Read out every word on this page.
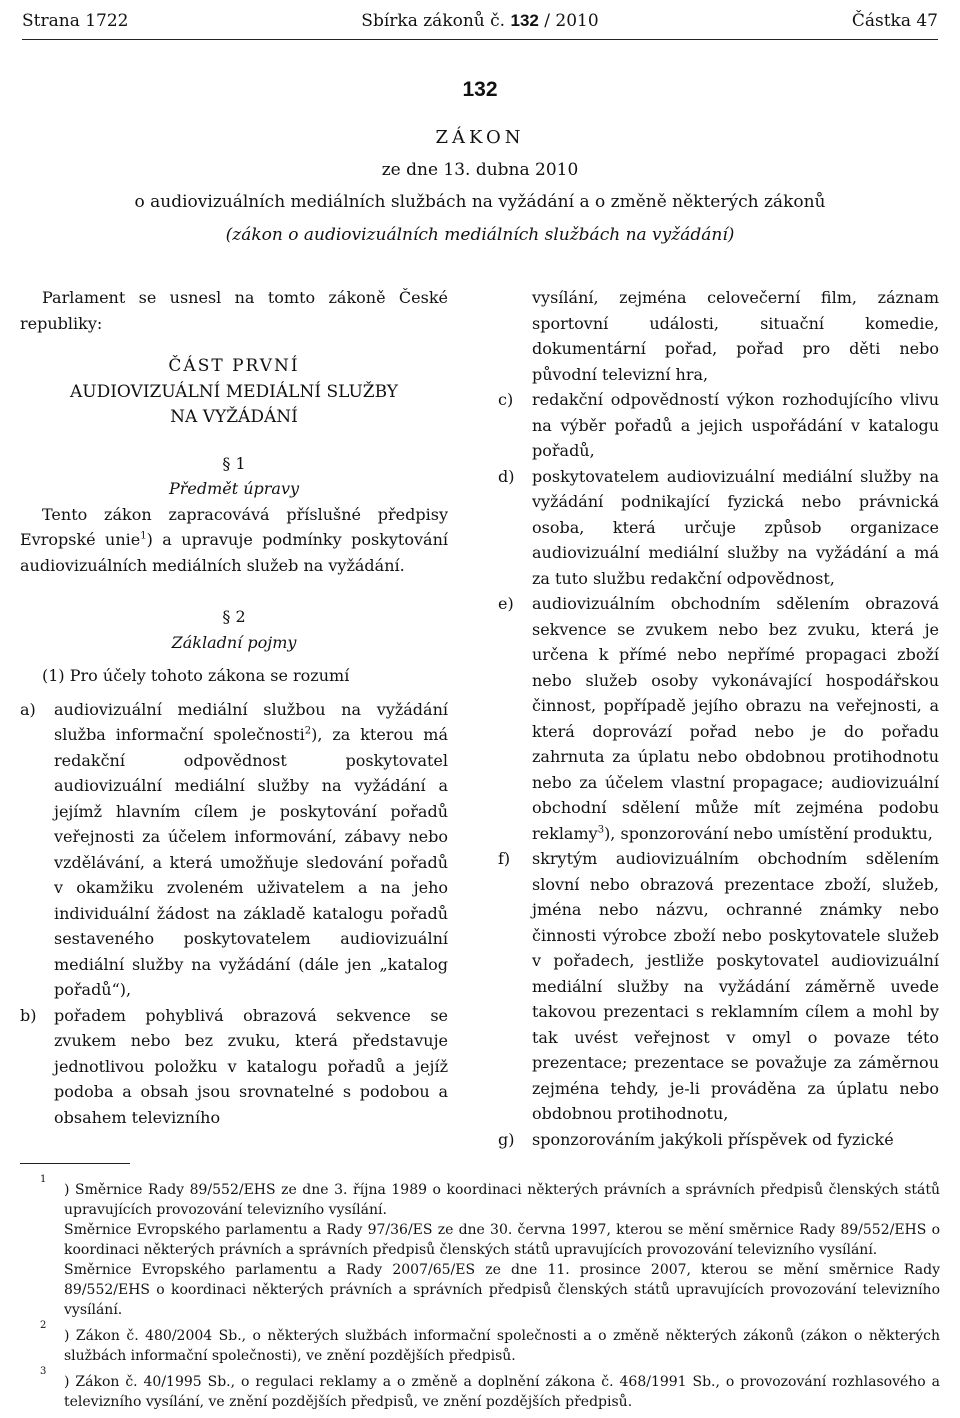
Strana 1722	Sbírka zákonů č. 132 / 2010	Částka 47
132
ZÁKON
ze dne 13. dubna 2010
o audiovizuálních mediálních službách na vyžádání a o změně některých zákonů
(zákon o audiovizuálních mediálních službách na vyžádání)
Parlament se usnesl na tomto zákoně České republiky:
ČÁST PRVNÍ
AUDIOVIZUÁLNÍ MEDIÁLNÍ SLUŽBY
NA VYŽÁDÁNÍ
§ 1
Předmět úpravy
Tento zákon zapracovává příslušné předpisy Evropské unie$^1$) a upravuje podmínky poskytování audiovizuálních mediálních služeb na vyžádání.
§ 2
Základní pojmy
(1) Pro účely tohoto zákona se rozumí
a)	audiovizuální mediální službou na vyžádání služba informační společnosti$^2$), za kterou má redakční odpovědnost poskytovatel audiovizuální mediální služby na vyžádání a jejímž hlavním cílem je poskytování pořadů veřejnosti za účelem informování, zábavy nebo vzdělávání, a která umožňuje sledování pořadů v okamžiku zvoleném uživatelem a na jeho individuální žádost na základě katalogu pořadů sestaveného poskytovatelem audiovizuální mediální služby na vyžádání (dále jen „katalog pořadů“),
b)	pořadem pohyblivá obrazová sekvence se zvukem nebo bez zvuku, která představuje jednotlivou položku v katalogu pořadů a jejíž podoba a obsah jsou srovnatelné s podobou a obsahem televizního
vysílání, zejména celovečerní film, záznam sportovní události, situační komedie, dokumentární pořad, pořad pro děti nebo původní televizní hra,
c)	redakční odpovědností výkon rozhodujícího vlivu na výběr pořadů a jejich uspořádání v katalogu pořadů,
d)	poskytovatelem audiovizuální mediální služby na vyžádání podnikající fyzická nebo právnická osoba, která určuje způsob organizace audiovizuální mediální služby na vyžádání a má za tuto službu redakční odpovědnost,
e)	audiovizuálním obchodním sdělením obrazová sekvence se zvukem nebo bez zvuku, která je určena k přímé nebo nepřímé propagaci zboží nebo služeb osoby vykonávající hospodářskou činnost, popřípadě jejího obrazu na veřejnosti, a která doprovází pořad nebo je do pořadu zahrnuta za úplatu nebo obdobnou protihodnotu nebo za účelem vlastní propagace; audiovizuální obchodní sdělení může mít zejména podobu reklamy$^3$), sponzorování nebo umístění produktu,
f)	skrytým audiovizuálním obchodním sdělením slovní nebo obrazová prezentace zboží, služeb, jména nebo názvu, ochranné známky nebo činnosti výrobce zboží nebo poskytovatele služeb v pořadech, jestliže poskytovatel audiovizuální mediální služby na vyžádání záměrně uvede takovou prezentaci s reklamním cílem a mohl by tak uvést veřejnost v omyl o povaze této prezentace; prezentace se považuje za záměrnou zejména tehdy, je-li prováděna za úplatu nebo obdobnou protihodnotu,
g)	sponzorováním jakýkoli příspěvek od fyzické
1
) Směrnice Rady 89/552/EHS ze dne 3. října 1989 o koordinaci některých právních a správních předpisů členských států upravujících provozování televizního vysílání.
Směrnice Evropského parlamentu a Rady 97/36/ES ze dne 30. června 1997, kterou se mění směrnice Rady 89/552/EHS o koordinaci některých právních a správních předpisů členských států upravujících provozování televizního vysílání.
Směrnice Evropského parlamentu a Rady 2007/65/ES ze dne 11. prosince 2007, kterou se mění směrnice Rady 89/552/EHS o koordinaci některých právních a správních předpisů členských států upravujících provozování televizního vysílání.
2
) Zákon č. 480/2004 Sb., o některých službách informační společnosti a o změně některých zákonů (zákon o některých službách informační společnosti), ve znění pozdějších předpisů.
3
) Zákon č. 40/1995 Sb., o regulaci reklamy a o změně a doplnění zákona č. 468/1991 Sb., o provozování rozhlasového a televizního vysílání, ve znění pozdějších předpisů, ve znění pozdějších předpisů.
